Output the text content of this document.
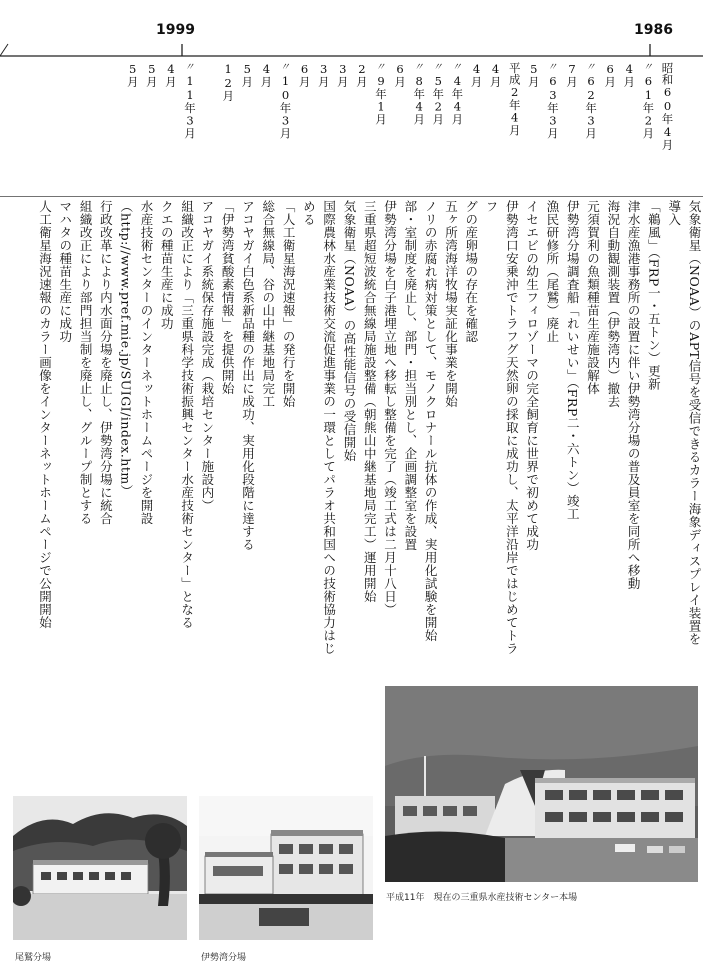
1999	1986
昭和60年
4月
〃
61年2月
4月
6月
〃
62年3月
7月
〃
63年3月
5月
平成2年4月
4月
4月
〃
4年4月
〃
5年2月
〃
8年4月
6月
〃
9年1月
2月
3月
3月
6月
〃
10年3月
4月
5月
12月
〃
11年3月
4月
5月
5月

気象衛星（NOAA）のAPT信号を受信できるカラー海象ディスプレイ装置を

導入

「鵜風」（FRP一・五トン）更新

津水産漁港事務所の設置に伴い伊勢湾分場の普及員室を同所へ移動

海況自動観測装置（伊勢湾内）撤去

元須賀利の魚類種苗生産施設解体

伊勢湾分場調査船「れいせい」（FRP二・六トン）竣工

漁民研修所（尾鷲）廃止

イセエビの幼生フィロゾーマの完全飼育に世界で初めて成功

伊勢湾口安乗沖でトラフグ天然卵の採取に成功し、太平洋沿岸ではじめてトラフ

グの産卵場の存在を確認

五ヶ所湾海洋牧場実証化事業を開始

ノリの赤腐れ病対策として、モノクロナール抗体の作成、実用化試験を開始

部・室制度を廃止し、部門・担当別とし、企画調整室を設置

伊勢湾分場を白子港埋立地へ移転し整備を完了（竣工式は二月十八日）

三重県超短波統合無線局施設整備（朝熊山中継基地局完工）運用開始

気象衛星（NOAA）の高性能信号の受信開始

国際農林水産業技術交流促進事業の一環としてパラオ共和国への技術協力はじめる

「人工衛星海況速報」の発行を開始

総合無線局、谷の山中継基地局完工

アコヤガイ白色系新品種の作出に成功、実用化段階に達する

「伊勢湾貧酸素情報」を提供開始

アコヤガイ系統保存施設完成（栽培センター施設内）

組織改正により「三重県科学技術振興センター水産技術センター」となる

クエの種苗生産に成功

水産技術センターのインターネットホームページを開設

（http://www.pref.mie.jp/SUIGI/index.htm）

行政改革により内水面分場を廃止し、伊勢湾分場に統合

組織改正により部門担当制を廃止し、グループ制とする

マハタの種苗生産に成功

人工衛星海況速報のカラー画像をインターネットホームページで公開開始

尾鷲分場	伊勢湾分場
平成11年　現在の三重県水産技術センター本場
